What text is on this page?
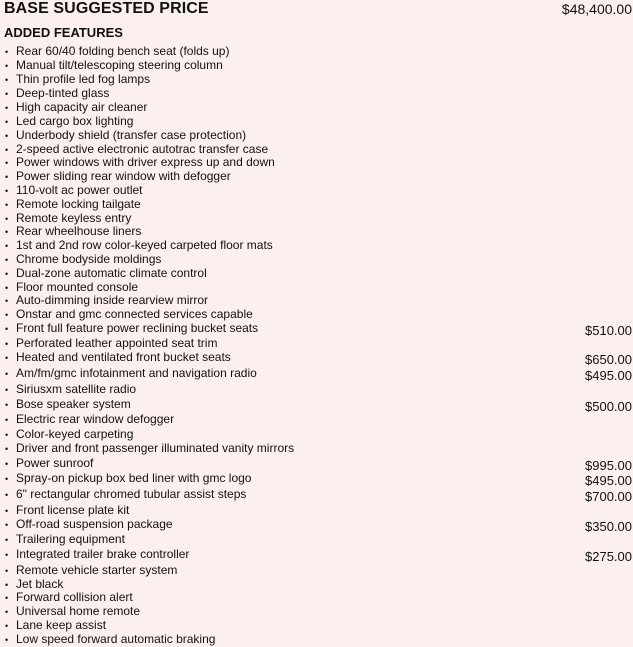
BASE SUGGESTED PRICE	$48,400.00
ADDED FEATURES
•
Rear 60/40 folding bench seat (folds up)
•
Manual tilt/telescoping steering column
•
Thin profile led fog lamps
•
Deep-tinted glass
•
High capacity air cleaner
•
Led cargo box lighting
•
Underbody shield (transfer case protection)
•
2-speed active electronic autotrac transfer case
•
Power windows with driver express up and down
•
Power sliding rear window with defogger
•
110-volt ac power outlet
•
Remote locking tailgate
•
Remote keyless entry
•
Rear wheelhouse liners
•
1st and 2nd row color-keyed carpeted floor mats
•
Chrome bodyside moldings
•
Dual-zone automatic climate control
•
Floor mounted console
•
Auto-dimming inside rearview mirror
•
Onstar and gmc connected services capable
•
Front full feature power reclining bucket seats	$510.00
•
Perforated leather appointed seat trim
•
Heated and ventilated front bucket seats	$650.00
•
Am/fm/gmc infotainment and navigation radio	$495.00
•
Siriusxm satellite radio
•
Bose speaker system	$500.00
•
Electric rear window defogger
•
Color-keyed carpeting
•
Driver and front passenger illuminated vanity mirrors
•
Power sunroof	$995.00
•
Spray-on pickup box bed liner with gmc logo	$495.00
•
6" rectangular chromed tubular assist steps	$700.00
•
Front license plate kit
•
Off-road suspension package	$350.00
•
Trailering equipment
•
Integrated trailer brake controller	$275.00
•
Remote vehicle starter system
•
Jet black
•
Forward collision alert
•
Universal home remote
•
Lane keep assist
•
Low speed forward automatic braking
